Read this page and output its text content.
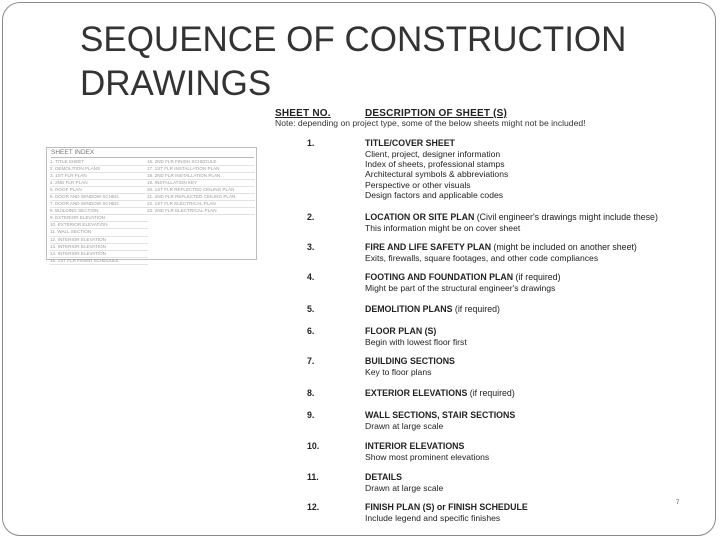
SEQUENCE OF CONSTRUCTION
DRAWINGS
SHEET INDEX
1. TITLE SHEET
2. DEMOLITION PLANS
3. 1ST FLR PLAN
4. 2ND FLR PLAN
5. ROOF PLAN
6. DOOR AND WINDOW SCHED.
7. DOOR AND WINDOW SCHED.
8. BUILDING SECTION
9. EXTERIOR ELEVATION
10. EXTERIOR ELEVATION
11. WALL SECTION
12. INTERIOR ELEVATION
13. INTERIOR ELEVATION
14. INTERIOR ELEVATION
15. 1ST FLR FINISH SCHEDULE
16. 2ND FLR FINISH SCHEDULE
17. 1ST FLR INSTALLATION PLAN
18. 2ND FLR INSTALLATION PLAN
19. INSTALLATION KEY
20. 1ST FLR REFLECTED CEILING PLAN
21. 2ND FLR REFLECTED CEILING PLAN
22. 1ST FLR ELECTRICAL PLAN
23. 2ND FLR ELECTRICAL PLAN
SHEET NO.	DESCRIPTION OF SHEET (S)
Note: depending on project type, some of the below sheets might not be included!
1.	TITLE/COVER SHEET
Client, project, designer information
Index of sheets, professional stamps
Architectural symbols & abbreviations
Perspective or other visuals
Design factors and applicable codes
2.	LOCATION OR SITE PLAN (Civil engineer's drawings might include these)
This information might be on cover sheet
3.	FIRE AND LIFE SAFETY PLAN (might be included on another sheet)
Exits, firewalls, square footages, and other code compliances
4.	FOOTING AND FOUNDATION PLAN (if required)
Might be part of the structural engineer's drawings
5.	DEMOLITION PLANS (if required)
6.	FLOOR PLAN (S)
Begin with lowest floor first
7.	BUILDING SECTIONS
Key to floor plans
8.	EXTERIOR ELEVATIONS (if required)
9.	WALL SECTIONS, STAIR SECTIONS
Drawn at large scale
10.	INTERIOR ELEVATIONS
Show most prominent elevations
11.	DETAILS
Drawn at large scale
12.	FINISH PLAN (S) or FINISH SCHEDULE
Include legend and specific finishes
7
